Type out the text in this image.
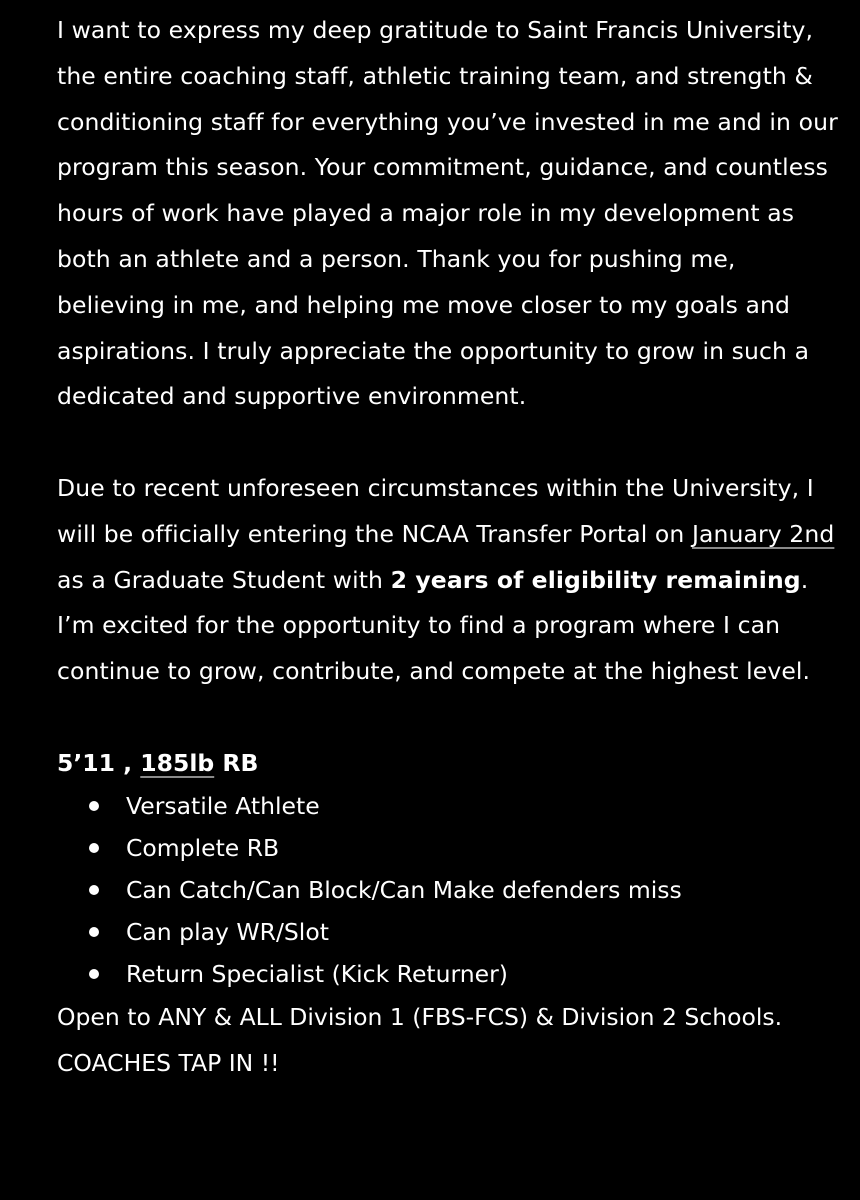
I want to express my deep gratitude to Saint Francis University, the entire coaching staff, athletic training team, and strength & conditioning staff for everything you’ve invested in me and in our program this season. Your commitment, guidance, and countless hours of work have played a major role in my development as both an athlete and a person. Thank you for pushing me, believing in me, and helping me move closer to my goals and aspirations. I truly appreciate the opportunity to grow in such a dedicated and supportive environment.

Due to recent unforeseen circumstances within the University, I will be officially entering the NCAA Transfer Portal on January 2nd as a Graduate Student with 2 years of eligibility remaining. I’m excited for the opportunity to find a program where I can continue to grow, contribute, and compete at the highest level.

5’11 , 185lb RB

Versatile Athlete
Complete RB
Can Catch/Can Block/Can Make defenders miss
Can play WR/Slot
Return Specialist (Kick Returner)

Open to ANY & ALL Division 1 (FBS-FCS) & Division 2 Schools. COACHES TAP IN !!
